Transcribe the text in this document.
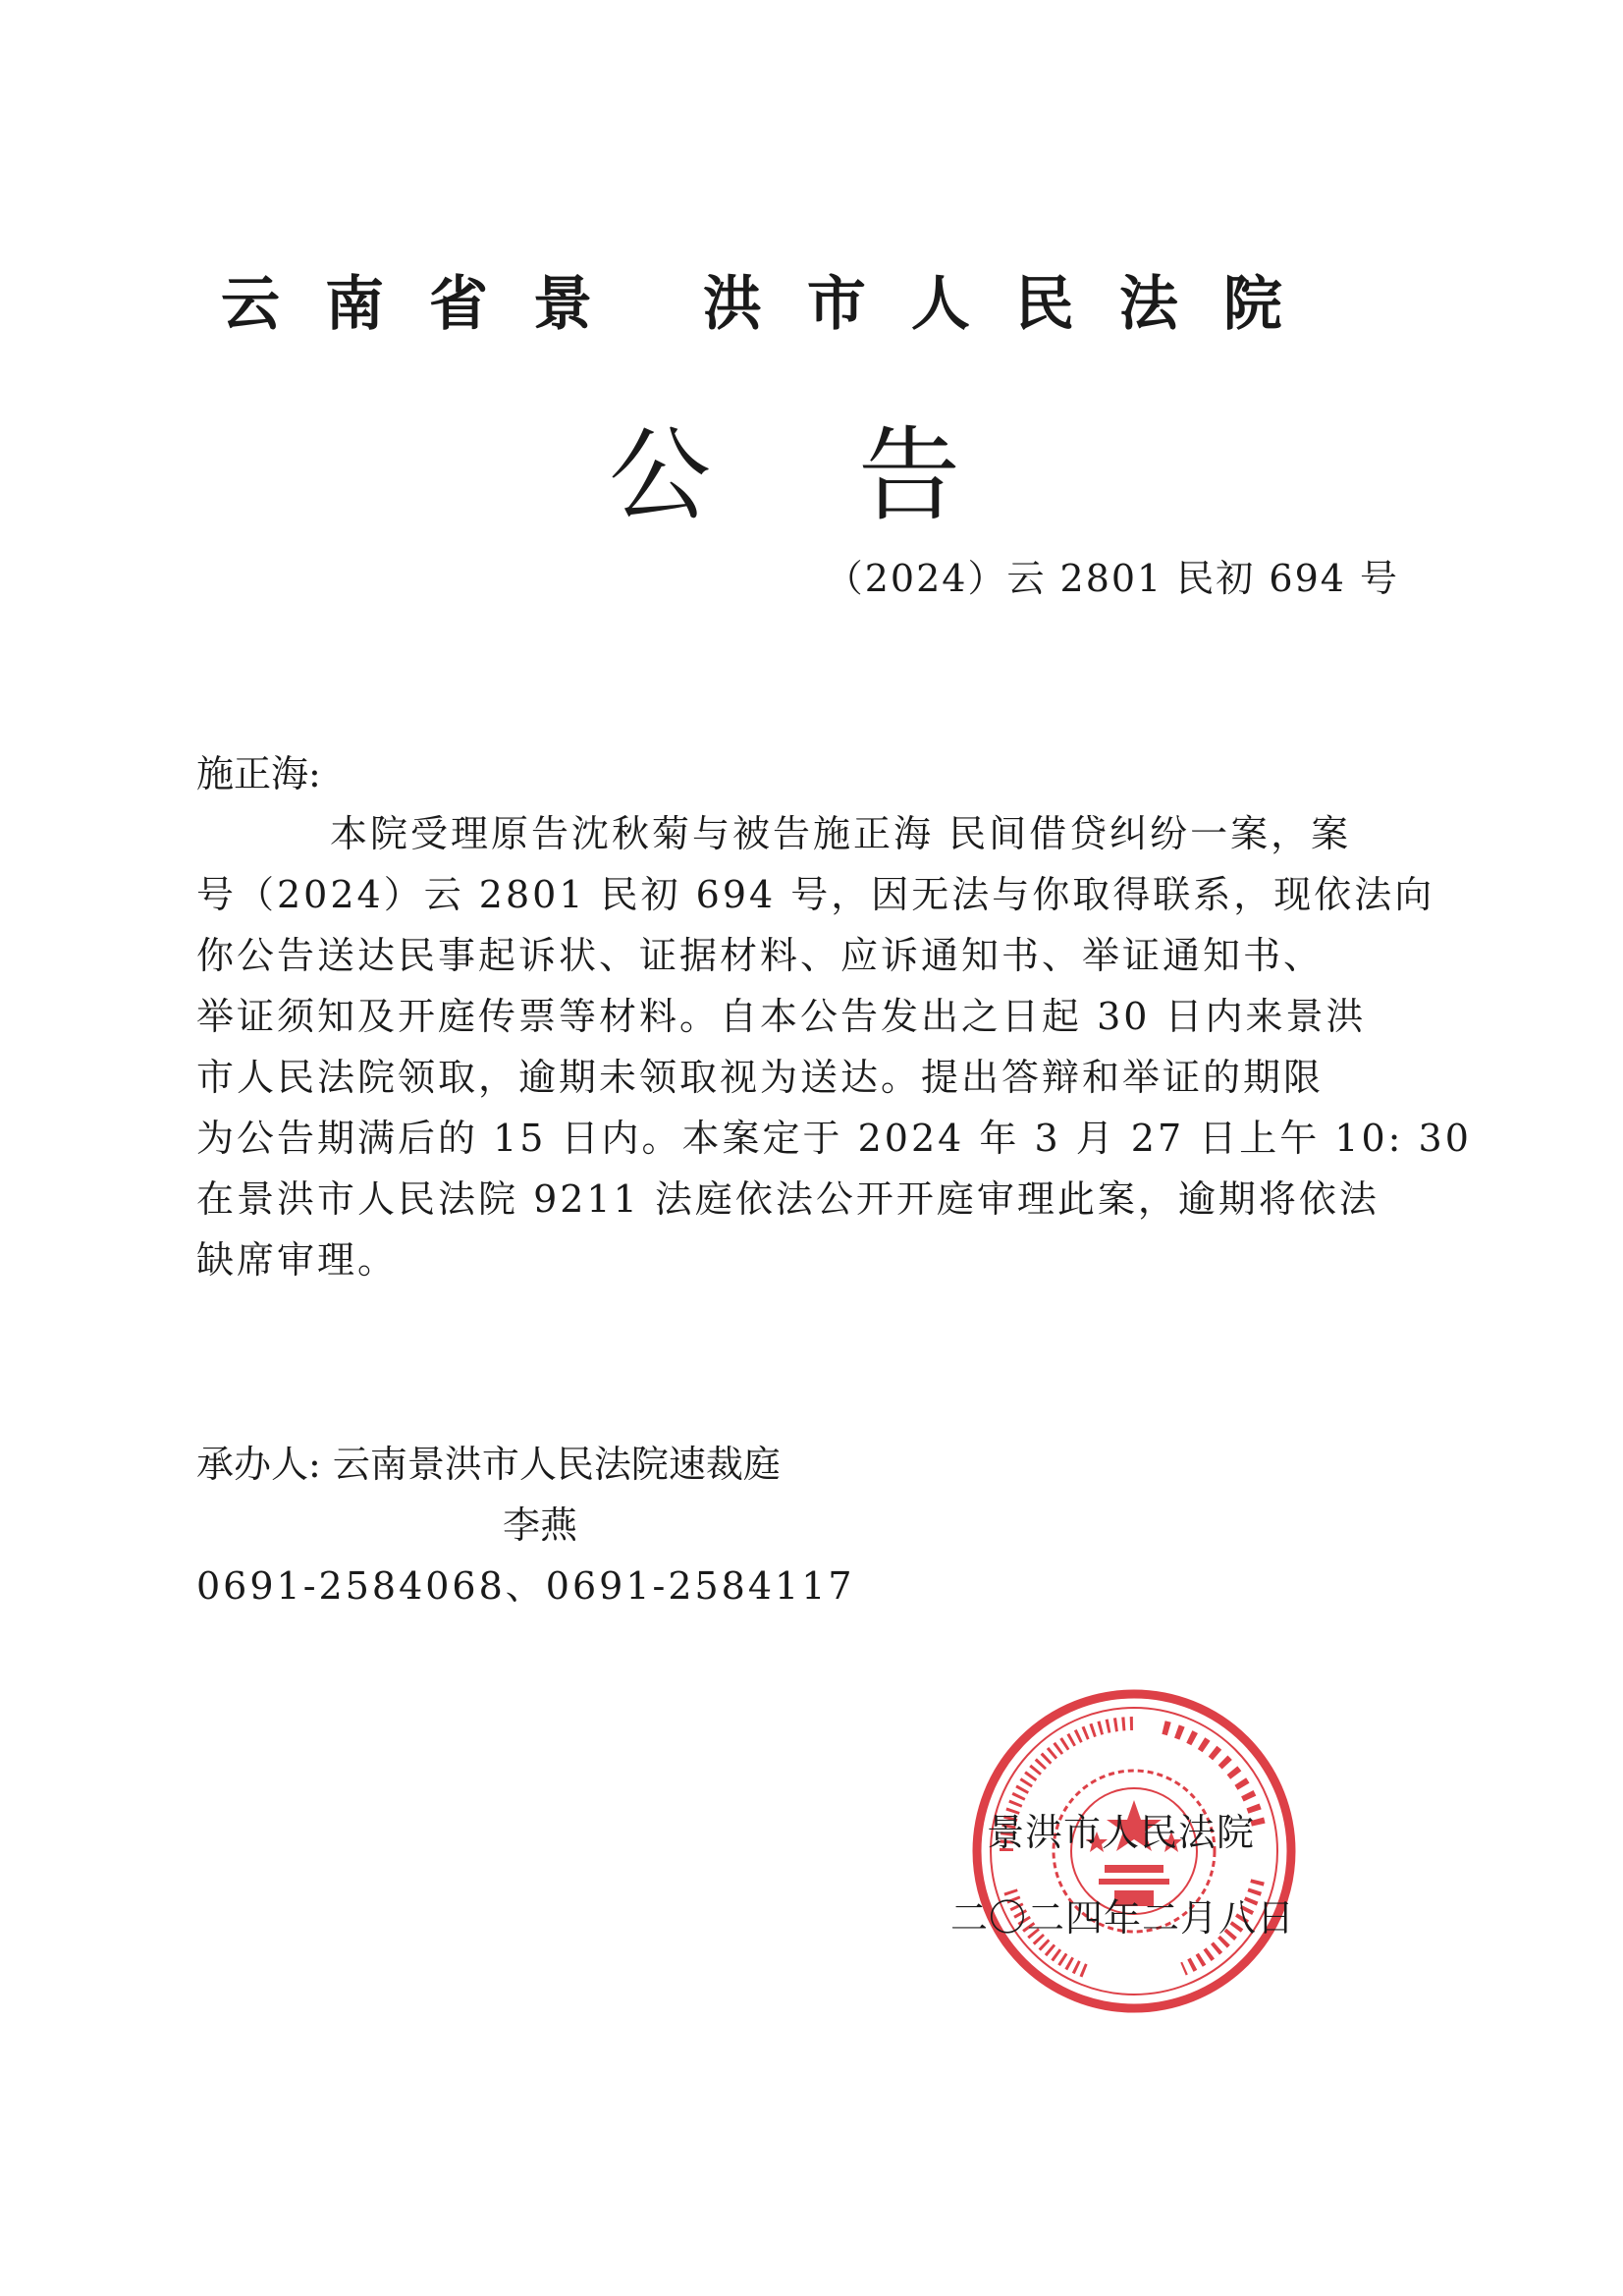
云南省景 洪市人民法院
公告
（2024）云 2801 民初 694 号
施正海:
本院受理原告沈秋菊与被告施正海 民间借贷纠纷一案，案
号（2024）云 2801 民初 694 号，因无法与你取得联系，现依法向
你公告送达民事起诉状、证据材料、应诉通知书、举证通知书、
举证须知及开庭传票等材料。自本公告发出之日起 30 日内来景洪
市人民法院领取，逾期未领取视为送达。提出答辩和举证的期限
为公告期满后的 15 日内。本案定于 2024 年 3 月 27 日上午 10: 30
在景洪市人民法院 9211 法庭依法公开开庭审理此案，逾期将依法
缺席审理。
承办人: 云南景洪市人民法院速裁庭
李燕
0691-2584068、0691-2584117
景洪市人民法院
二〇二四年二月八日
